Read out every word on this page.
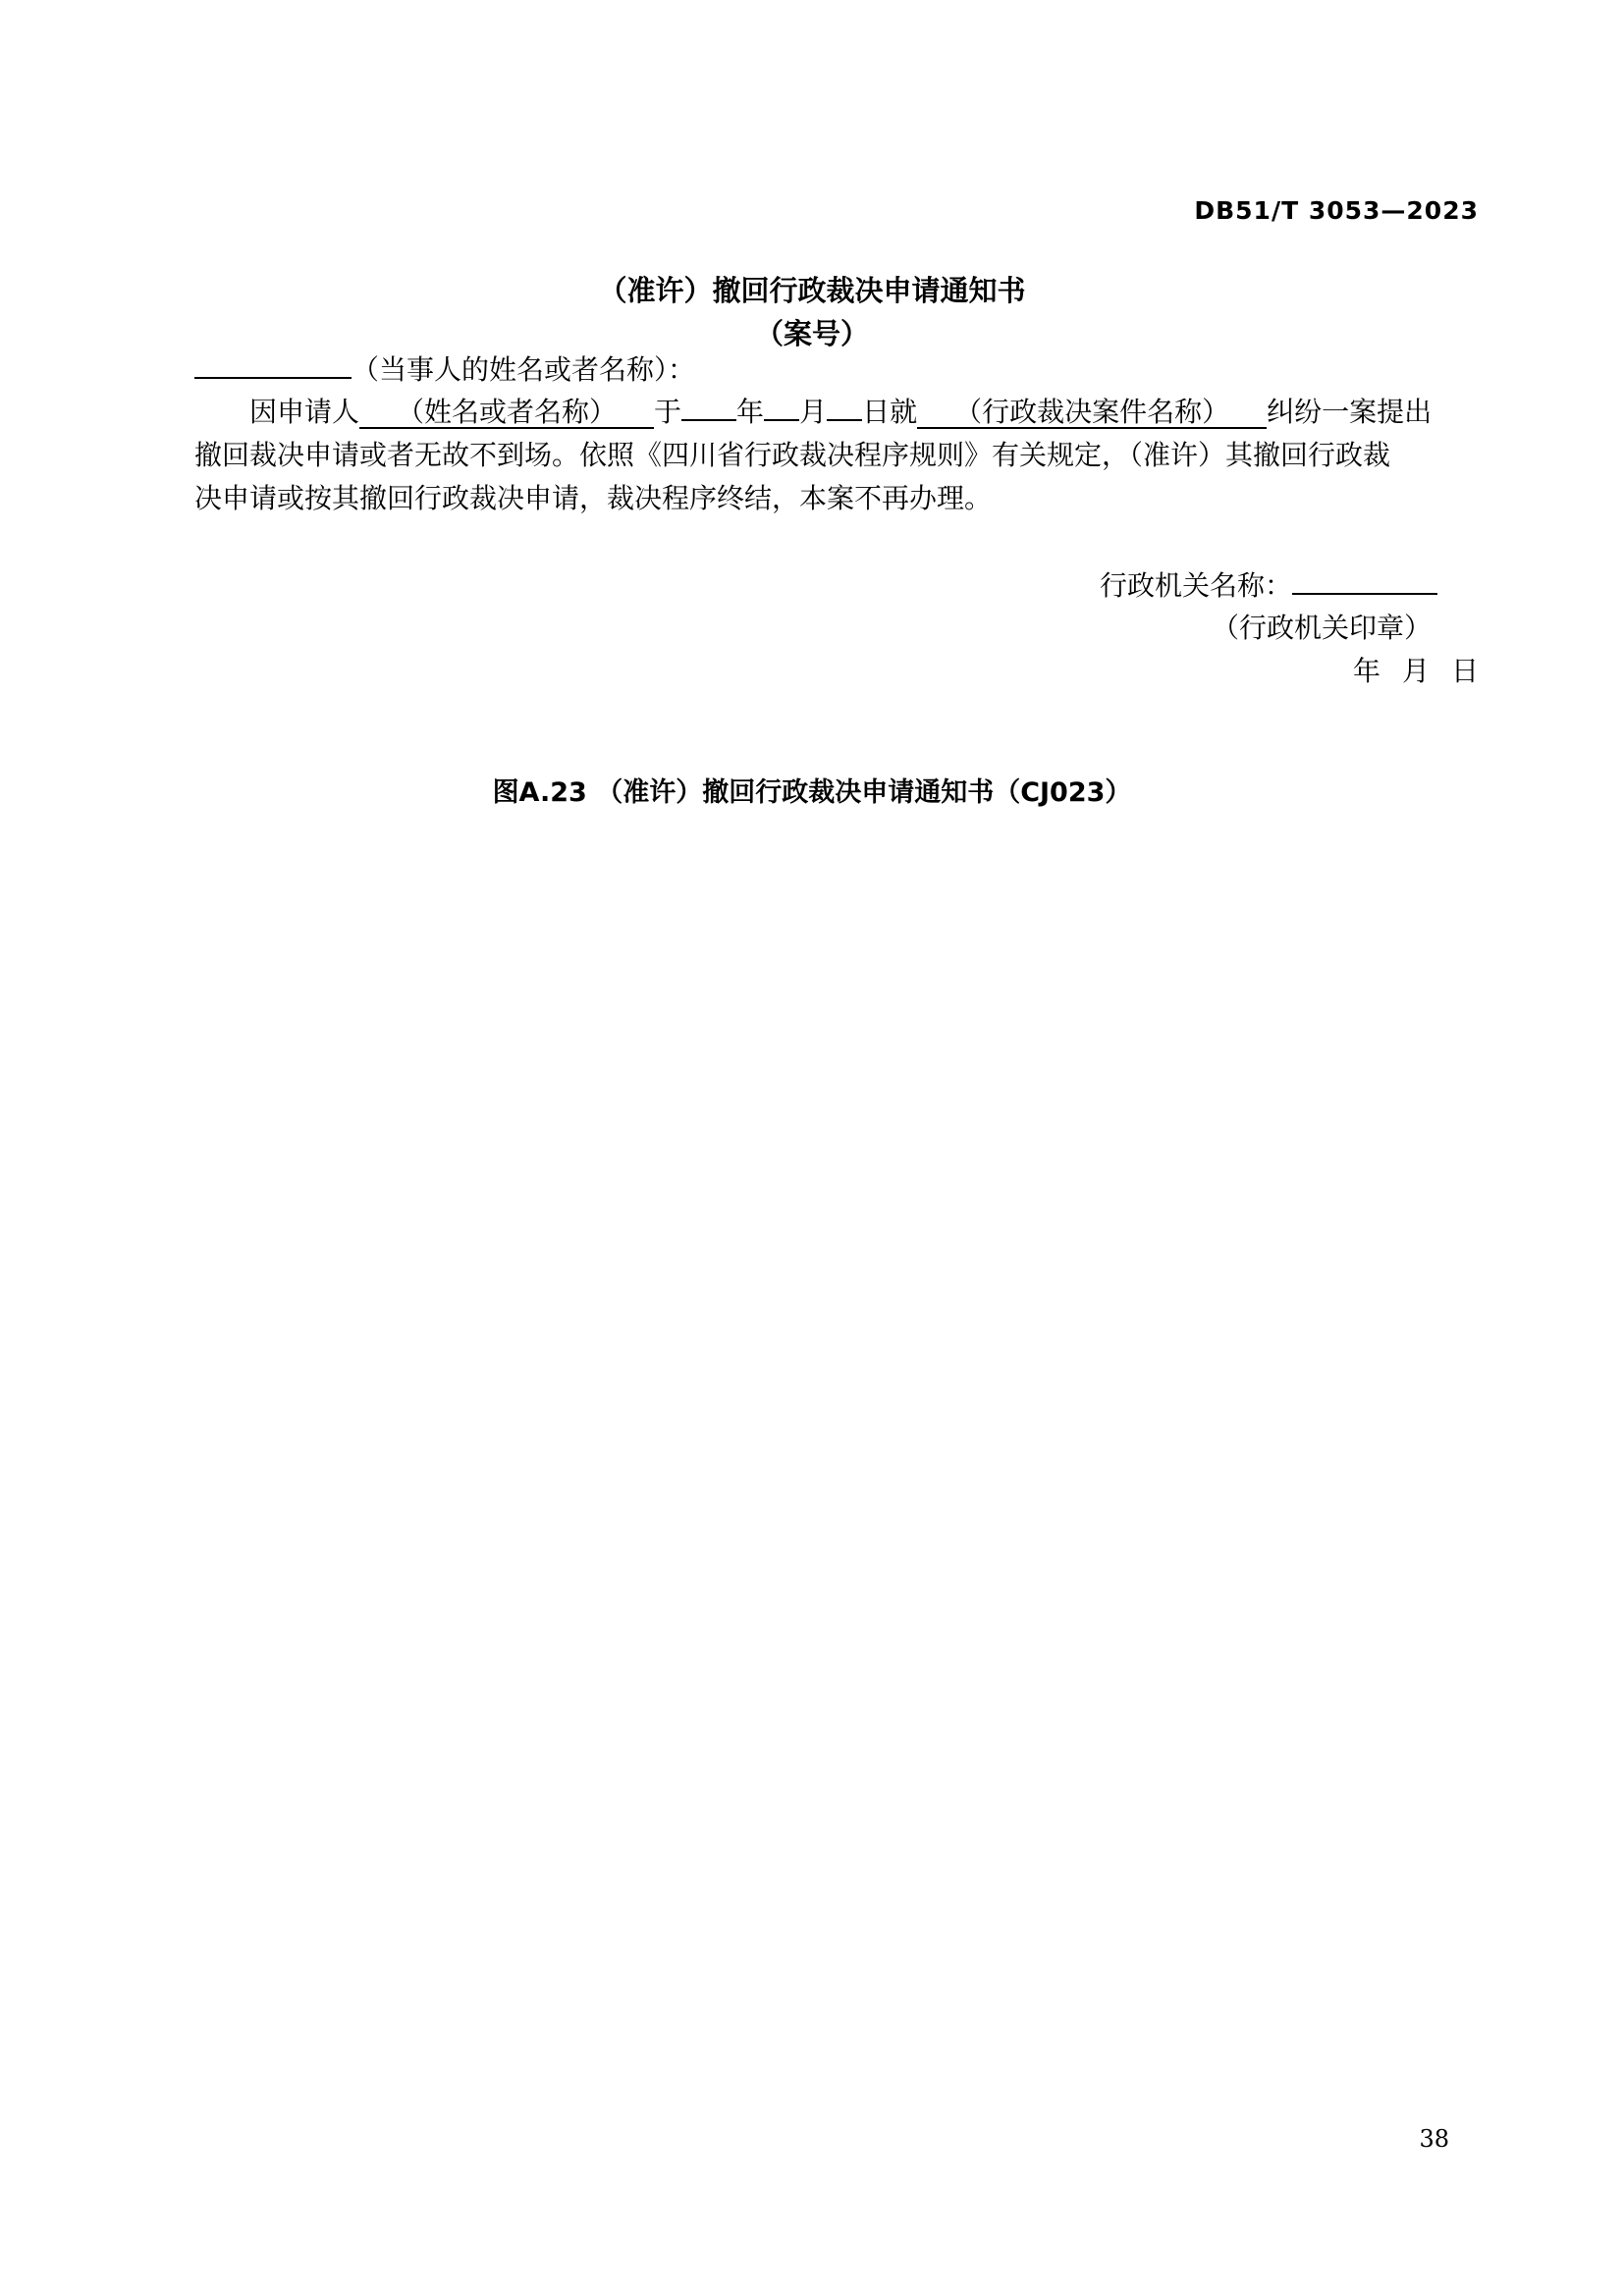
DB51/T 3053—2023
（准许）撤回行政裁决申请通知书
（案号）
（当事人的姓名或者名称）：
因申请人 （姓名或者名称） 于 年 月 日就 （行政裁决案件名称） 纠纷一案提出
撤回裁决申请或者无故不到场。依照《四川省行政裁决程序规则》有关规定，（准许）其撤回行政裁
决申请或按其撤回行政裁决申请，裁决程序终结，本案不再办理。
行政机关名称：
（行政机关印章）
年 月 日
图A.23 （准许）撤回行政裁决申请通知书（CJ023）
38
